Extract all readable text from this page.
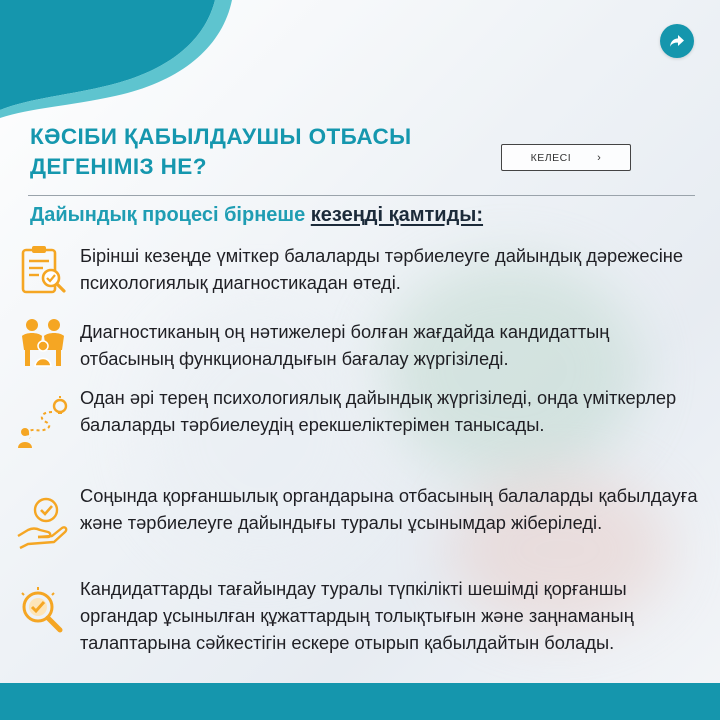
КӘСІБИ ҚАБЫЛДАУШЫ ОТБАСЫ ДЕГЕНІМІЗ НЕ?	КЕЛЕСІ ›
Дайындық процесі бірнеше кезеңді қамтиды:
Бірінші кезеңде үміткер балаларды тәрбиелеуге дайындық дәрежесіне психологиялық диагностикадан өтеді.
Диагностиканың оң нәтижелері болған жағдайда кандидаттың отбасының функционалдығын бағалау жүргізіледі.
Одан әрі терең психологиялық дайындық жүргізіледі, онда үміткерлер балаларды тәрбиелеудің ерекшеліктерімен танысады.
Соңында қорғаншылық органдарына отбасының балаларды қабылдауға және тәрбиелеуге дайындығы туралы ұсынымдар жіберіледі.
Кандидаттарды тағайындау туралы түпкілікті шешімді қорғаншы органдар ұсынылған құжаттардың толықтығын және заңнаманың талаптарына сәйкестігін ескере отырып қабылдайтын болады.
